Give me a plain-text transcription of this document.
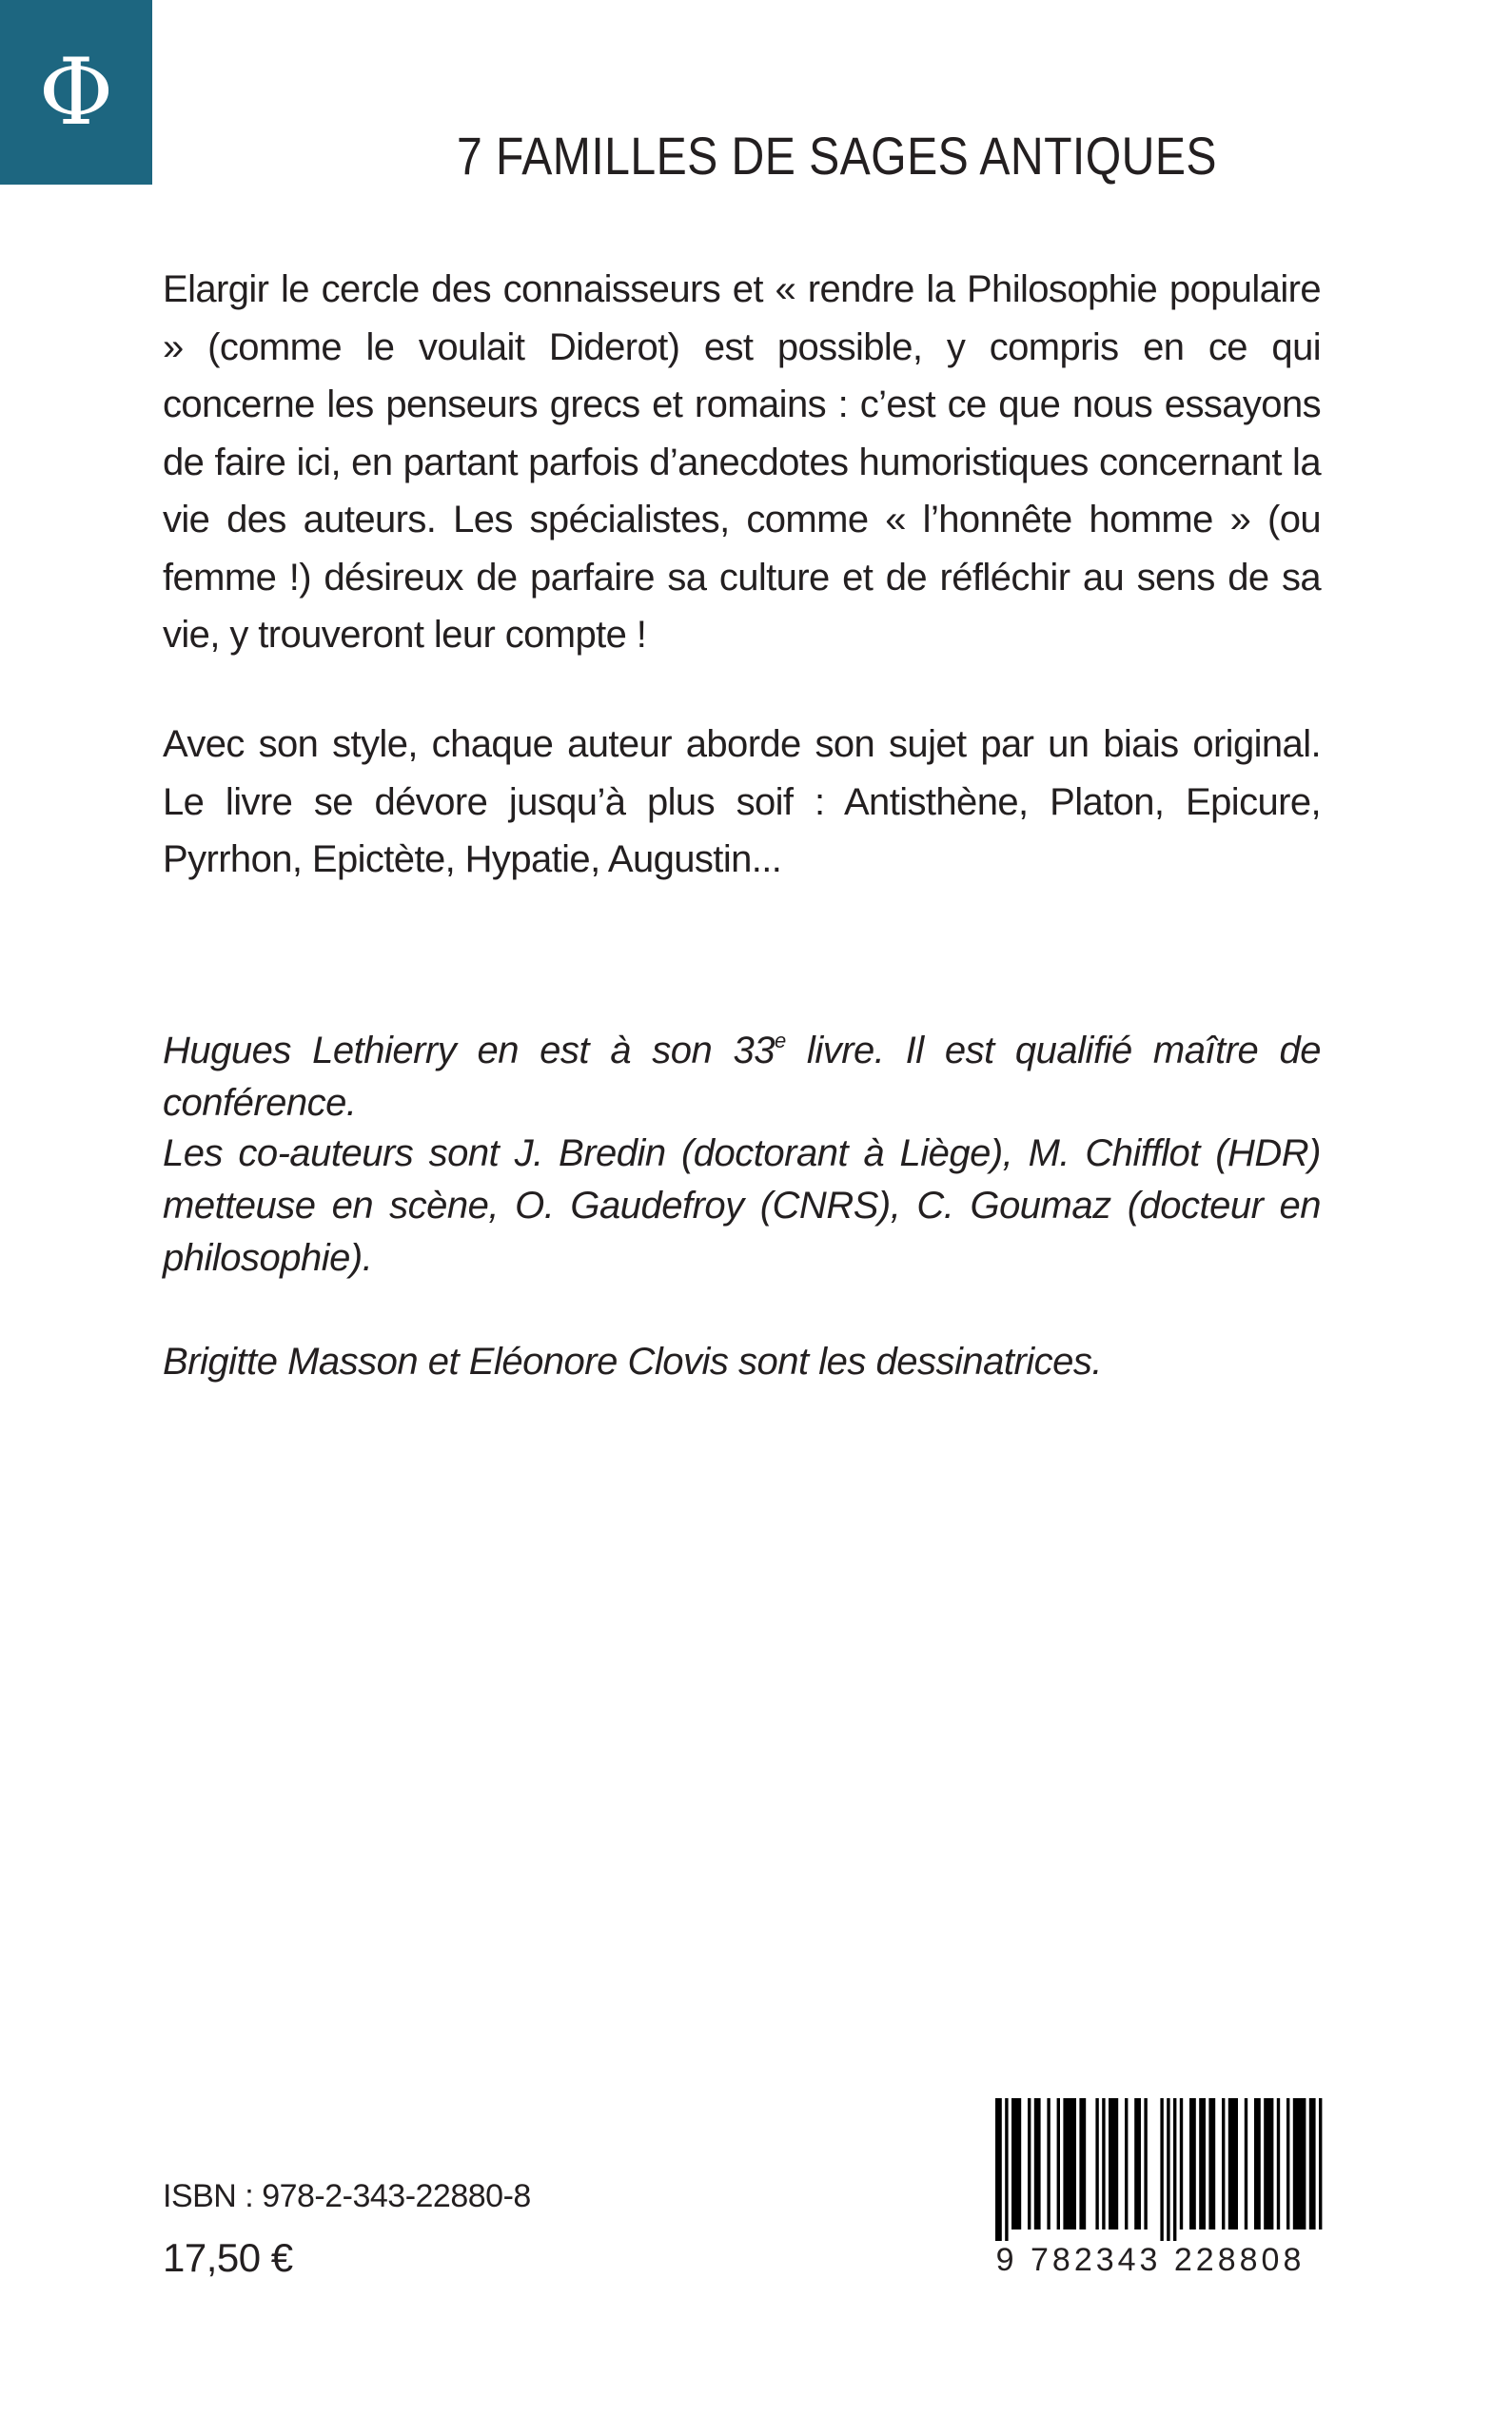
Φ
7 FAMILLES DE SAGES ANTIQUES

Elargir le cercle des connaisseurs et « rendre la Philosophie populaire » (comme le voulait Diderot) est possible, y compris en ce qui concerne les penseurs grecs et romains : c’est ce que nous essayons de faire ici, en partant parfois d’anecdotes humoristiques concernant la vie des auteurs. Les spécialistes, comme « l’honnête homme » (ou femme !) désireux de parfaire sa culture et de réfléchir au sens de sa vie, y trouveront leur compte !

Avec son style, chaque auteur aborde son sujet par un biais original. Le livre se dévore jusqu’à plus soif : Antisthène, Platon, Epicure, Pyrrhon, Epictète, Hypatie, Augustin...

Hugues Lethierry en est à son 33e livre. Il est qualifié maître de conférence.

Les co-auteurs sont J. Bredin (doctorant à Liège), M. Chifflot (HDR) metteuse en scène, O. Gaudefroy (CNRS), C. Goumaz (docteur en philosophie).

Brigitte Masson et Eléonore Clovis sont les dessinatrices.

ISBN : 978-2-343-22880-8
17,50 €	9 782343 228808
